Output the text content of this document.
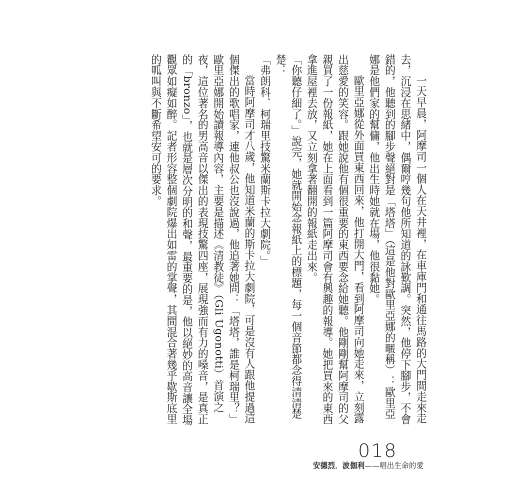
一天早晨，阿摩司一個人在天井裡，在車庫門和通往馬路的大門間走來走去，沉浸在思緒中，偶爾哼幾句他所知道的詠歎調。突然，他停下腳步，不會錯的，他聽到的腳步聲絕對是「塔塔」（這是他對歐里亞娜的暱稱）：歐里亞娜是他們家的幫傭，他出生時她就在場，他很黏她。

歐里亞娜從外面買東西回來，他打開大門，看到阿摩司向她走來，立刻露出慈愛的笑容。跟她說他有個很重要的東西要念給她聽。他剛剛幫阿摩司的父親買了一份報紙，她在上面看到一篇阿摩司會有興趣的報導。她把買來的東西拿進屋裡去放，又立刻拿著翻開的報紙走出來。

「你聽仔細了。」說完，她就開始念報紙上的標題，每一個音節都念得清清楚楚：

「弗朗科．柯瑞里技驚米蘭斯卡拉大劇院。」

當時阿摩司才八歲，他知道米蘭的斯卡拉大劇院，可是沒有人跟他提過這個傑出的歌唱家，連他叔公也沒說過，他追著她問：「塔塔，誰是柯瑞里？」歐里亞娜開始讀報導內容，主要是描述《清教徒》（Gli Ugonotti）首演之夜，這位著名的男高音以傑出的表現技驚四座，展現強而有力的嗓音，是真正的「bronzo」，也就是層次分明的和聲，最重要的是，他以絕妙的高音讓全場觀眾如癡如醉。記者形容整個劇院爆出如雷的掌聲，其間混合著幾乎歇斯底里的呱叫與不斷希望安可的要求。

018
安德烈．波伽利——唱出生命的愛
